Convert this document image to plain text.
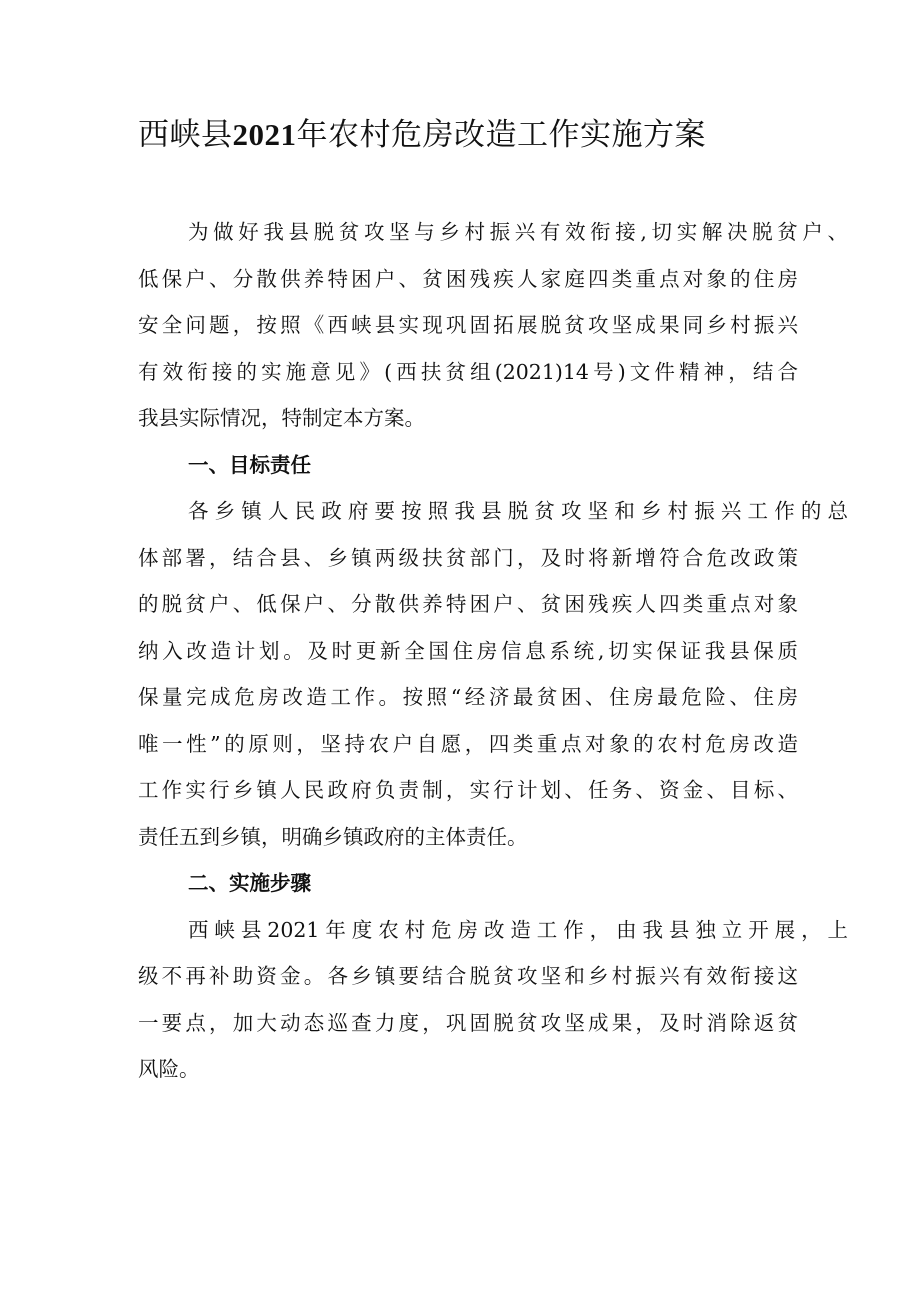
西峡县2021年农村危房改造工作实施方案
为做好我县脱贫攻坚与乡村振兴有效衔接,切实解决脱贫户、
低保户、分散供养特困户、贫困残疾人家庭四类重点对象的住房
安全问题，按照《西峡县实现巩固拓展脱贫攻坚成果同乡村振兴
有效衔接的实施意见》(西扶贫组(2021)14号)文件精神，结合
我县实际情况，特制定本方案。
一、目标责任
各乡镇人民政府要按照我县脱贫攻坚和乡村振兴工作的总
体部署，结合县、乡镇两级扶贫部门，及时将新增符合危改政策
的脱贫户、低保户、分散供养特困户、贫困残疾人四类重点对象
纳入改造计划。及时更新全国住房信息系统,切实保证我县保质
保量完成危房改造工作。按照“经济最贫困、住房最危险、住房
唯一性”的原则，坚持农户自愿，四类重点对象的农村危房改造
工作实行乡镇人民政府负责制，实行计划、任务、资金、目标、
责任五到乡镇，明确乡镇政府的主体责任。
二、实施步骤
西峡县2021年度农村危房改造工作，由我县独立开展，上
级不再补助资金。各乡镇要结合脱贫攻坚和乡村振兴有效衔接这
一要点，加大动态巡查力度，巩固脱贫攻坚成果，及时消除返贫
风险。
